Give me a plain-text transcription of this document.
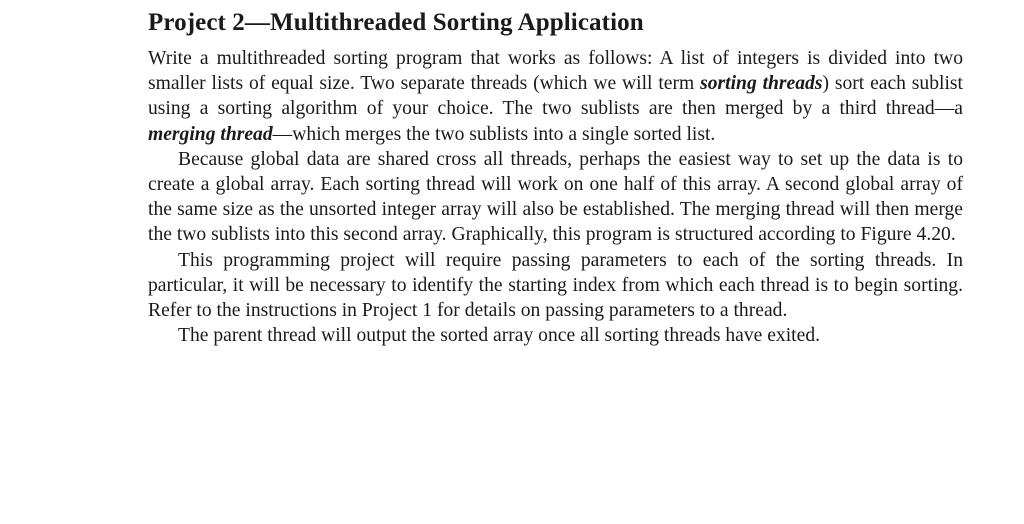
Project 2—Multithreaded Sorting Application

Write a multithreaded sorting program that works as follows: A list of integers is divided into two smaller lists of equal size. Two separate threads (which we will term sorting threads) sort each sublist using a sorting algorithm of your choice. The two sublists are then merged by a third thread—a merging thread—which merges the two sublists into a single sorted list.

Because global data are shared cross all threads, perhaps the easiest way to set up the data is to create a global array. Each sorting thread will work on one half of this array. A second global array of the same size as the unsorted integer array will also be established. The merging thread will then merge the two sublists into this second array. Graphically, this program is structured according to Figure 4.20.

This programming project will require passing parameters to each of the sorting threads. In particular, it will be necessary to identify the starting index from which each thread is to begin sorting. Refer to the instructions in Project 1 for details on passing parameters to a thread.

The parent thread will output the sorted array once all sorting threads have exited.
